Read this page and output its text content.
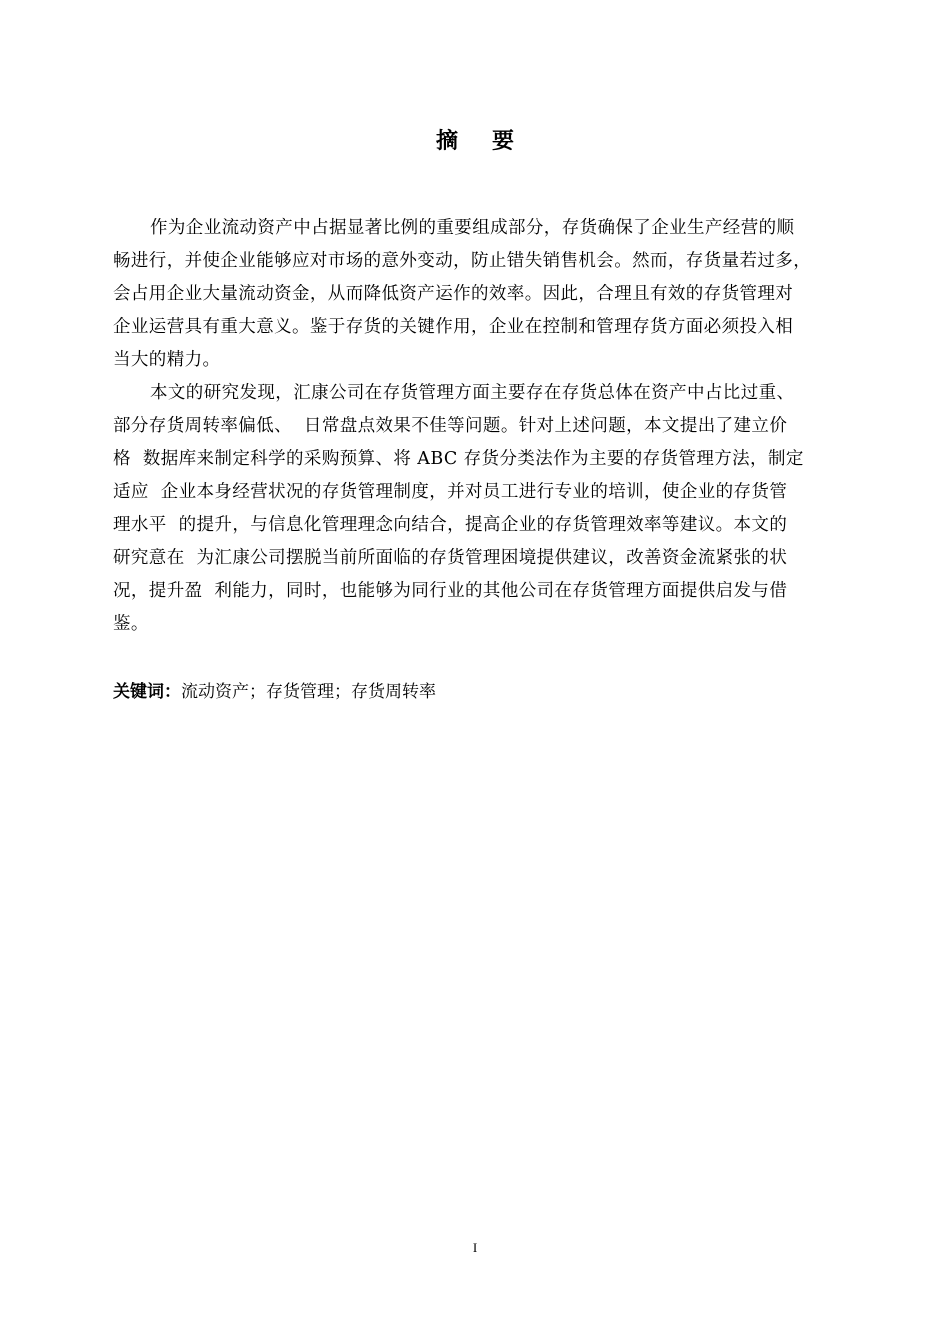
摘 要
作为企业流动资产中占据显著比例的重要组成部分，存货确保了企业生产经营的顺
畅进行，并使企业能够应对市场的意外变动，防止错失销售机会。然而，存货量若过多，
会占用企业大量流动资金，从而降低资产运作的效率。因此，合理且有效的存货管理对
企业运营具有重大意义。鉴于存货的关键作用，企业在控制和管理存货方面必须投入相
当大的精力。
本文的研究发现，汇康公司在存货管理方面主要存在存货总体在资产中占比过重、
部分存货周转率偏低、  日常盘点效果不佳等问题。针对上述问题，本文提出了建立价
格  数据库来制定科学的采购预算、将 ABC 存货分类法作为主要的存货管理方法，制定
适应  企业本身经营状况的存货管理制度，并对员工进行专业的培训，使企业的存货管
理水平  的提升，与信息化管理理念向结合，提高企业的存货管理效率等建议。本文的
研究意在  为汇康公司摆脱当前所面临的存货管理困境提供建议，改善资金流紧张的状
况，提升盈  利能力，同时，也能够为同行业的其他公司在存货管理方面提供启发与借
鉴。
关键词：流动资产；存货管理；存货周转率
I
